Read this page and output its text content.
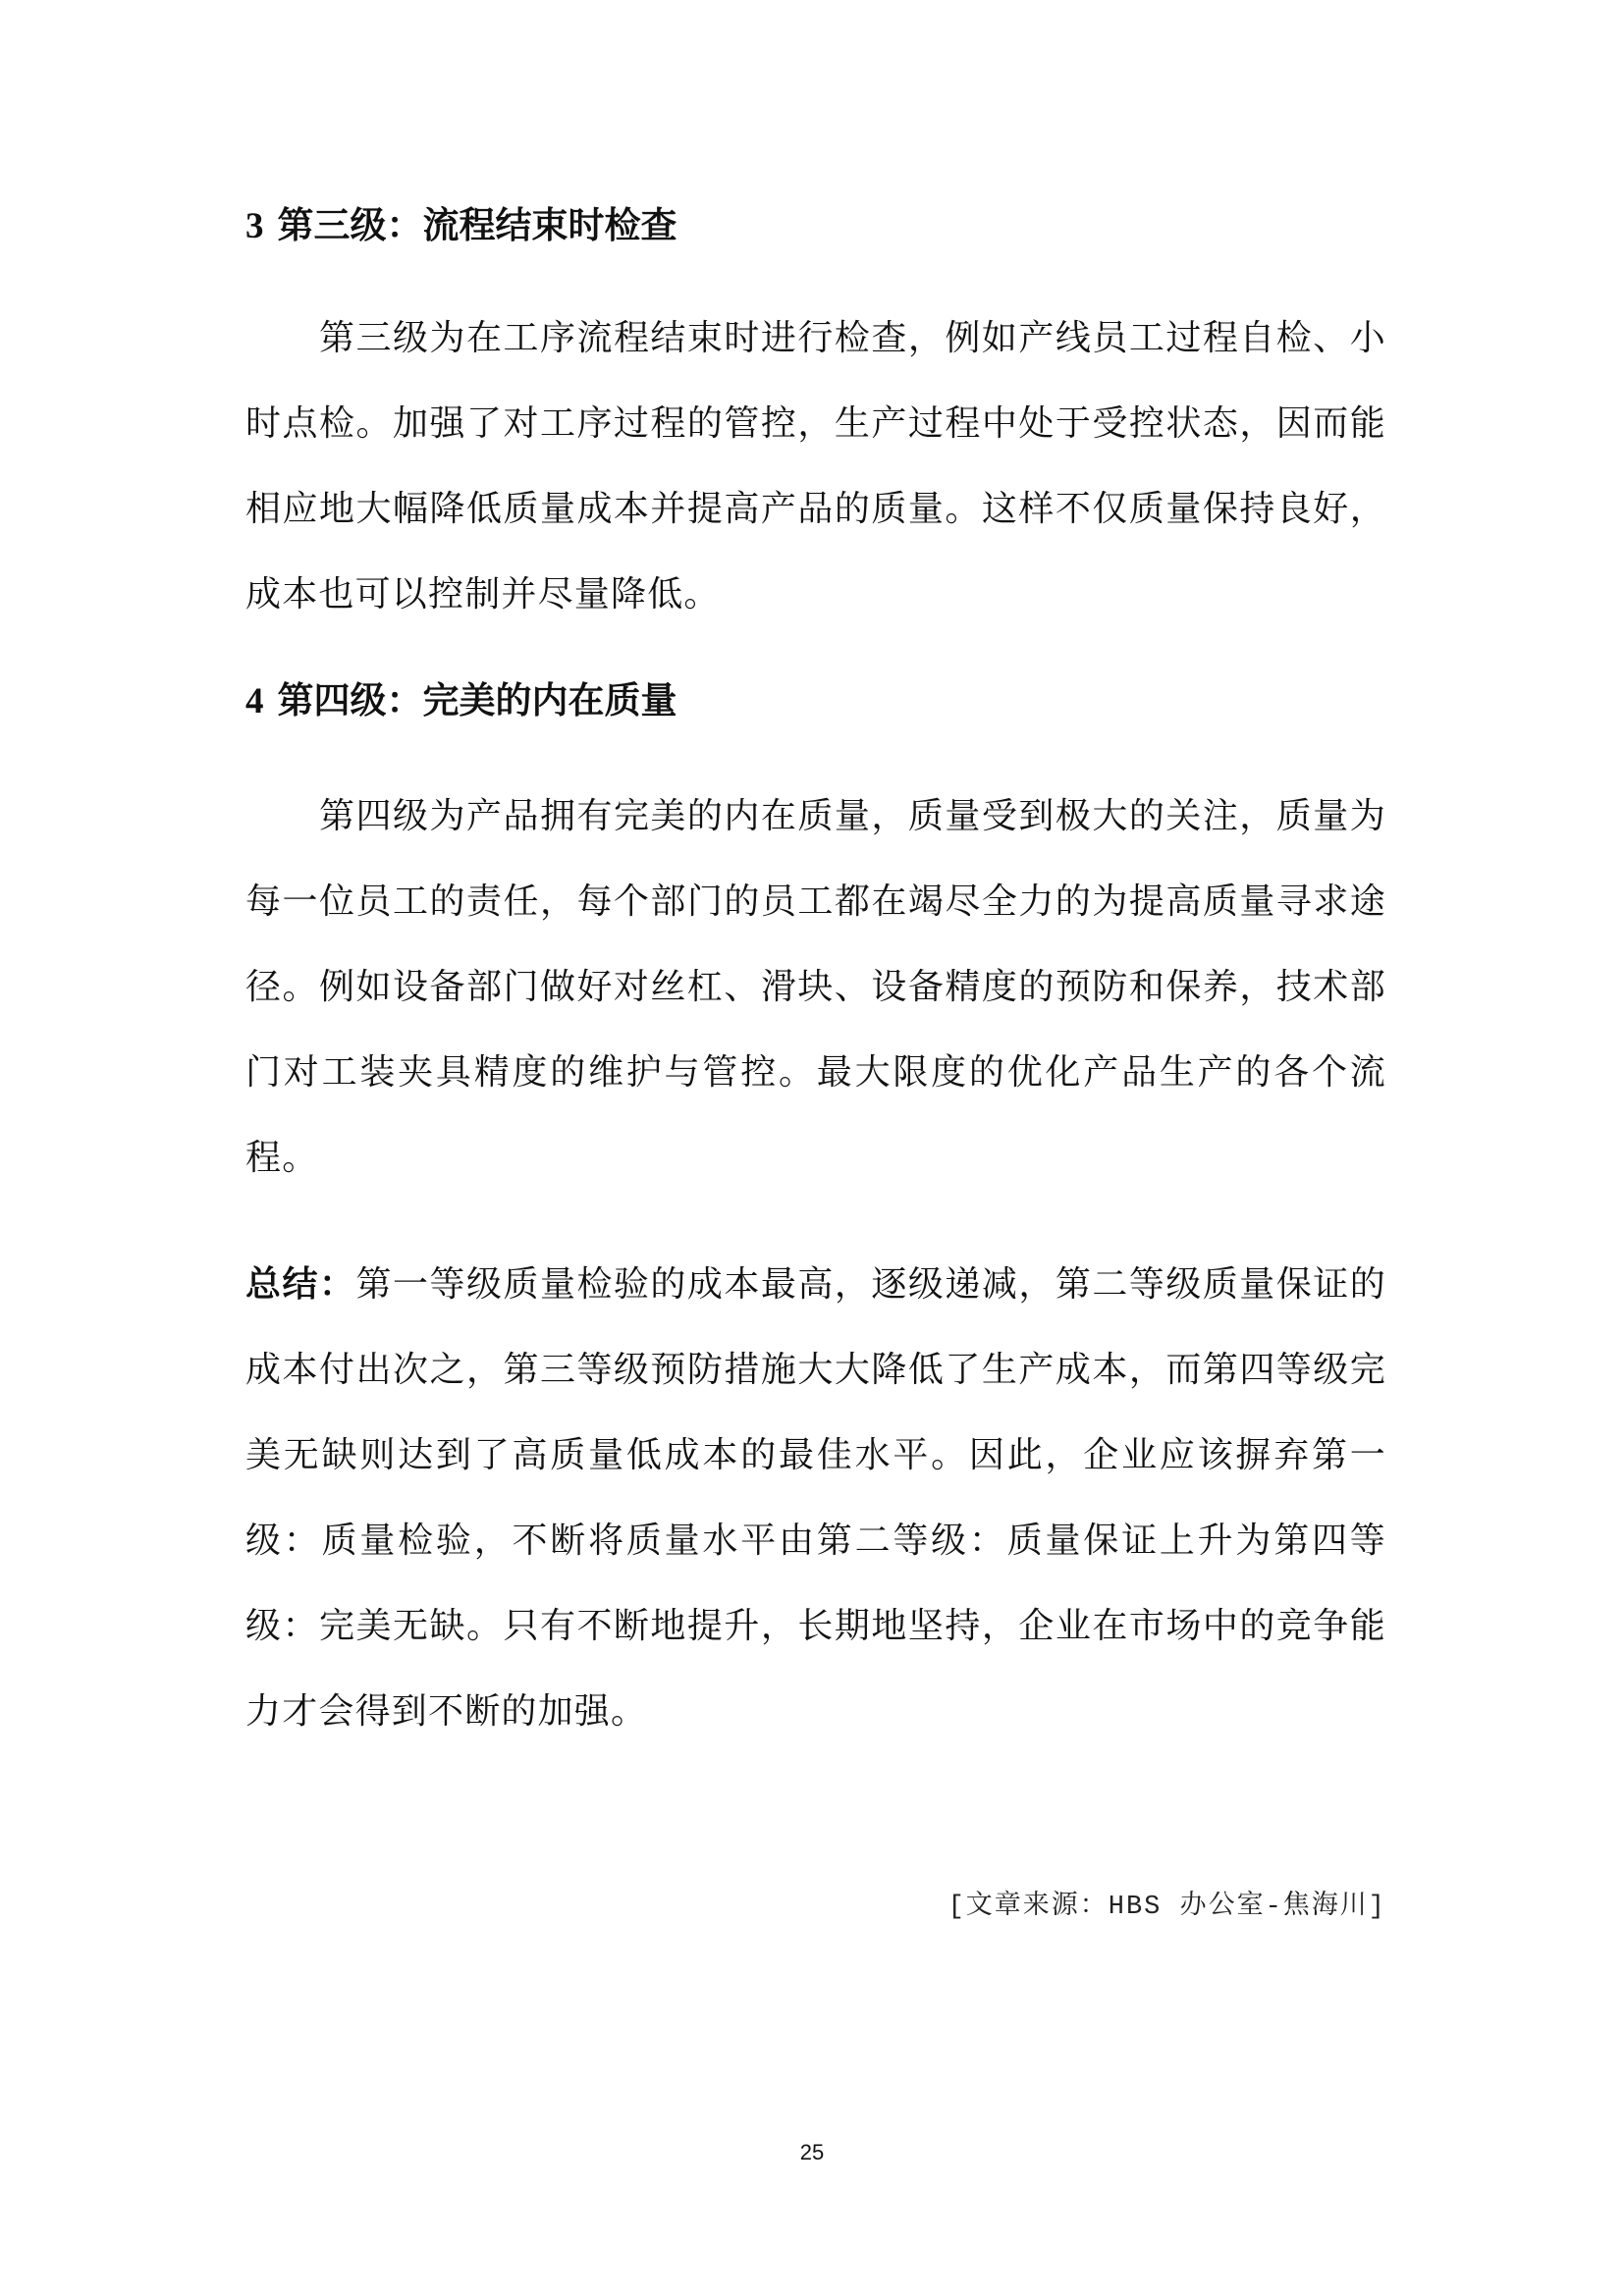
3 第三级：流程结束时检查

第三级为在工序流程结束时进行检查，例如产线员工过程自检、小时点检。加强了对工序过程的管控，生产过程中处于受控状态，因而能相应地大幅降低质量成本并提高产品的质量。这样不仅质量保持良好，成本也可以控制并尽量降低。

4 第四级：完美的内在质量

第四级为产品拥有完美的内在质量，质量受到极大的关注，质量为每一位员工的责任，每个部门的员工都在竭尽全力的为提高质量寻求途径。例如设备部门做好对丝杠、滑块、设备精度的预防和保养，技术部门对工装夹具精度的维护与管控。最大限度的优化产品生产的各个流程。

总结：第一等级质量检验的成本最高，逐级递减，第二等级质量保证的成本付出次之，第三等级预防措施大大降低了生产成本，而第四等级完美无缺则达到了高质量低成本的最佳水平。因此，企业应该摒弃第一级：质量检验，不断将质量水平由第二等级：质量保证上升为第四等级：完美无缺。只有不断地提升，长期地坚持，企业在市场中的竞争能力才会得到不断的加强。

[文章来源：HBS 办公室-焦海川]
25
